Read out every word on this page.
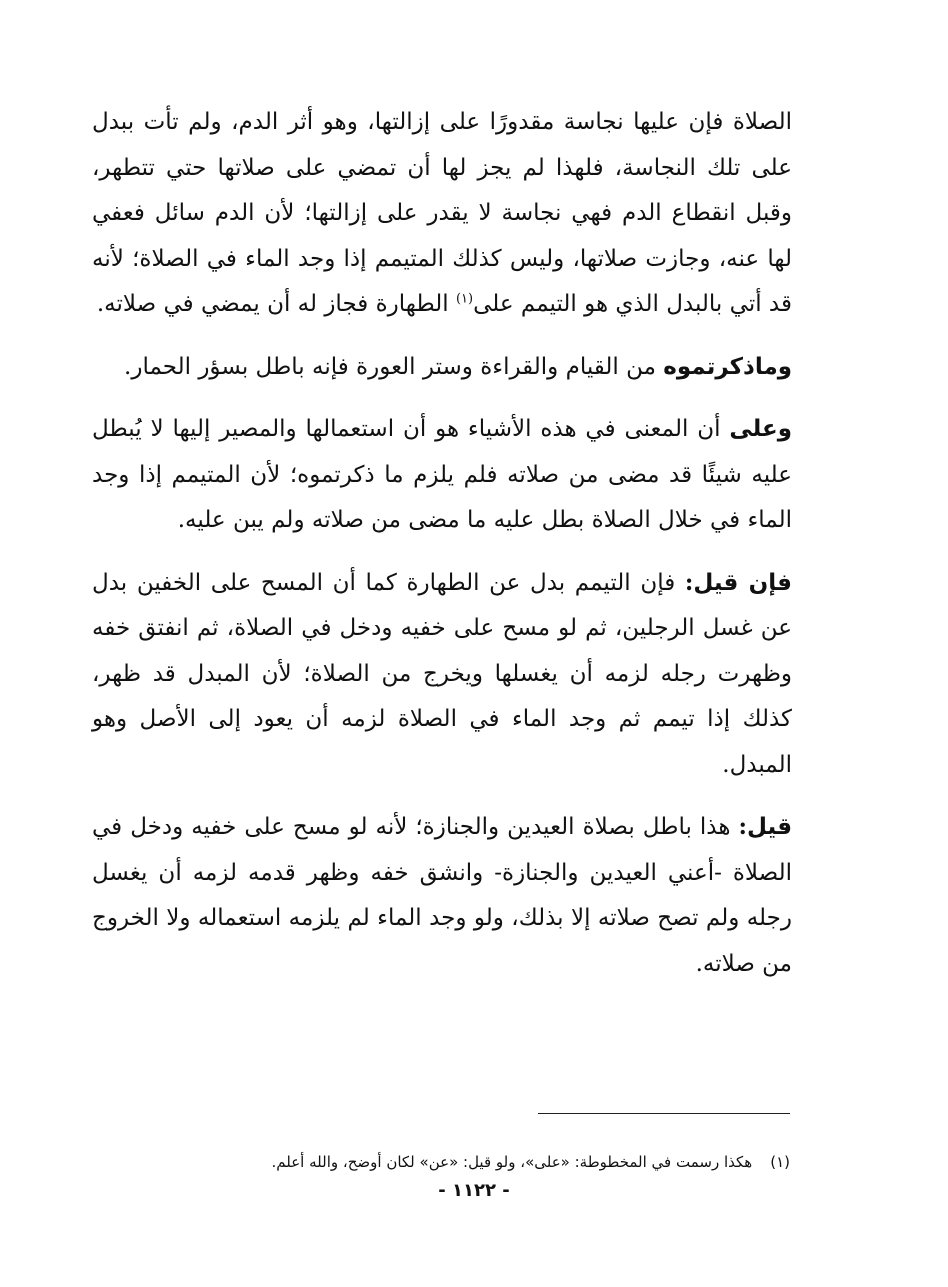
الصلاة فإن عليها نجاسة مقدورًا على إزالتها، وهو أثر الدم، ولم تأت ببدل على تلك النجاسة، فلهذا لم يجز لها أن تمضي على صلاتها حتي تتطهر، وقبل انقطاع الدم فهي نجاسة لا يقدر على إزالتها؛ لأن الدم سائل فعفي لها عنه، وجازت صلاتها، وليس كذلك المتيمم إذا وجد الماء في الصلاة؛ لأنه قد أتي بالبدل الذي هو التيمم على$^{(١)}$ الطهارة فجاز له أن يمضي في صلاته.

وماذكرتموه من القيام والقراءة وستر العورة فإنه باطل بسؤر الحمار.

وعلى أن المعنى في هذه الأشياء هو أن استعمالها والمصير إليها لا يُبطل عليه شيئًا قد مضى من صلاته فلم يلزم ما ذكرتموه؛ لأن المتيمم إذا وجد الماء في خلال الصلاة بطل عليه ما مضى من صلاته ولم يبن عليه.

فإن قيل: فإن التيمم بدل عن الطهارة كما أن المسح على الخفين بدل عن غسل الرجلين، ثم لو مسح على خفيه ودخل في الصلاة، ثم انفتق خفه وظهرت رجله لزمه أن يغسلها ويخرج من الصلاة؛ لأن المبدل قد ظهر، كذلك إذا تيمم ثم وجد الماء في الصلاة لزمه أن يعود إلى الأصل وهو المبدل.

قيل: هذا باطل بصلاة العيدين والجنازة؛ لأنه لو مسح على خفيه ودخل في الصلاة -أعني العيدين والجنازة- وانشق خفه وظهر قدمه لزمه أن يغسل رجله ولم تصح صلاته إلا بذلك، ولو وجد الماء لم يلزمه استعماله ولا الخروج من صلاته.

(١)هكذا رسمت في المخطوطة: «على»، ولو قيل: «عن» لكان أوضح، والله أعلم.
- ١١٢٢ -
